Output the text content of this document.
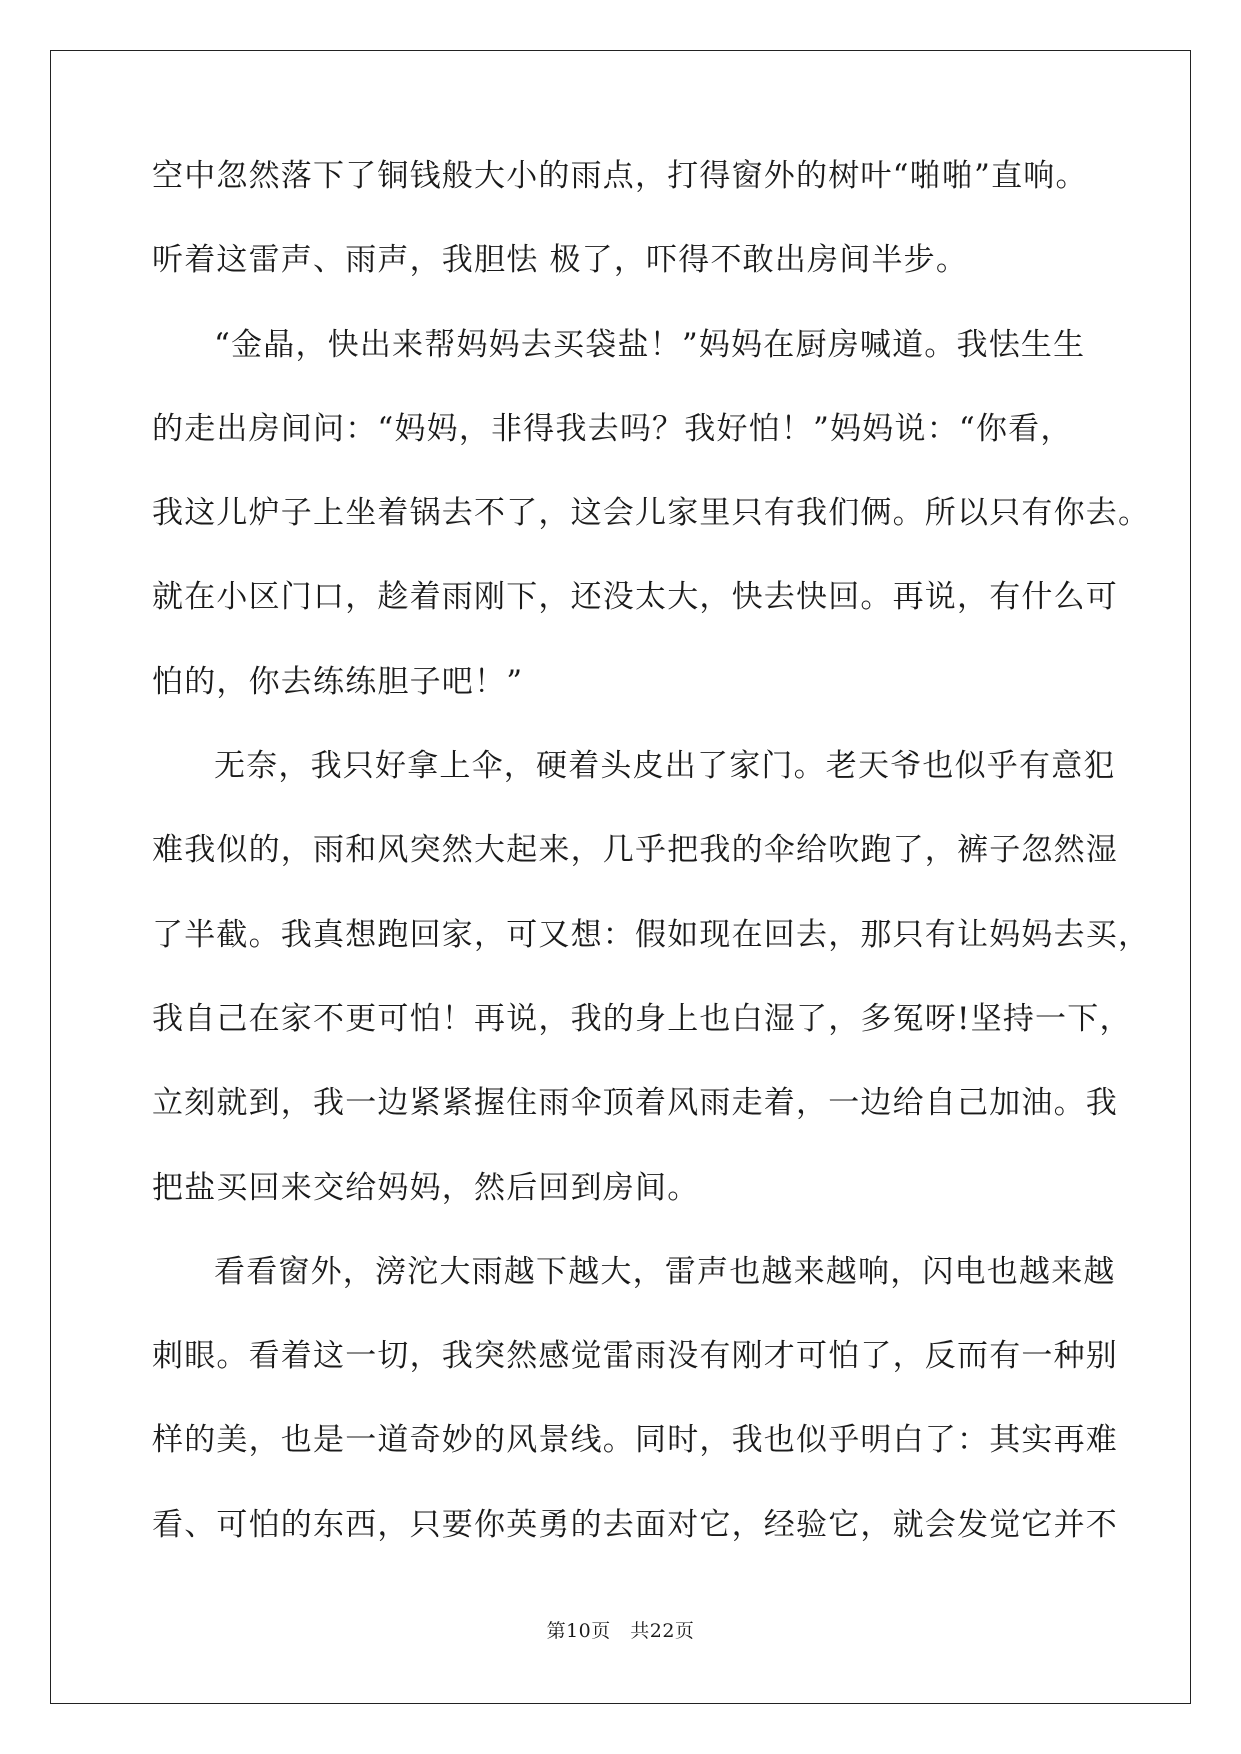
空中忽然落下了铜钱般大小的雨点，打得窗外的树叶“啪啪”直响。
听着这雷声、雨声，我胆怯 极了，吓得不敢出房间半步。
“金晶，快出来帮妈妈去买袋盐！”妈妈在厨房喊道。我怯生生
的走出房间问：“妈妈，非得我去吗？我好怕！”妈妈说：“你看，
我这儿炉子上坐着锅去不了，这会儿家里只有我们俩。所以只有你去。
就在小区门口，趁着雨刚下，还没太大，快去快回。再说，有什么可
怕的，你去练练胆子吧！”
无奈，我只好拿上伞，硬着头皮出了家门。老天爷也似乎有意犯
难我似的，雨和风突然大起来，几乎把我的伞给吹跑了，裤子忽然湿
了半截。我真想跑回家，可又想：假如现在回去，那只有让妈妈去买，
我自己在家不更可怕！再说，我的身上也白湿了，多冤呀!坚持一下，
立刻就到，我一边紧紧握住雨伞顶着风雨走着，一边给自己加油。我
把盐买回来交给妈妈，然后回到房间。
看看窗外，滂沱大雨越下越大，雷声也越来越响，闪电也越来越
刺眼。看着这一切，我突然感觉雷雨没有刚才可怕了，反而有一种别
样的美，也是一道奇妙的风景线。同时，我也似乎明白了：其实再难
看、可怕的东西，只要你英勇的去面对它，经验它，就会发觉它并不
第10页　共22页
